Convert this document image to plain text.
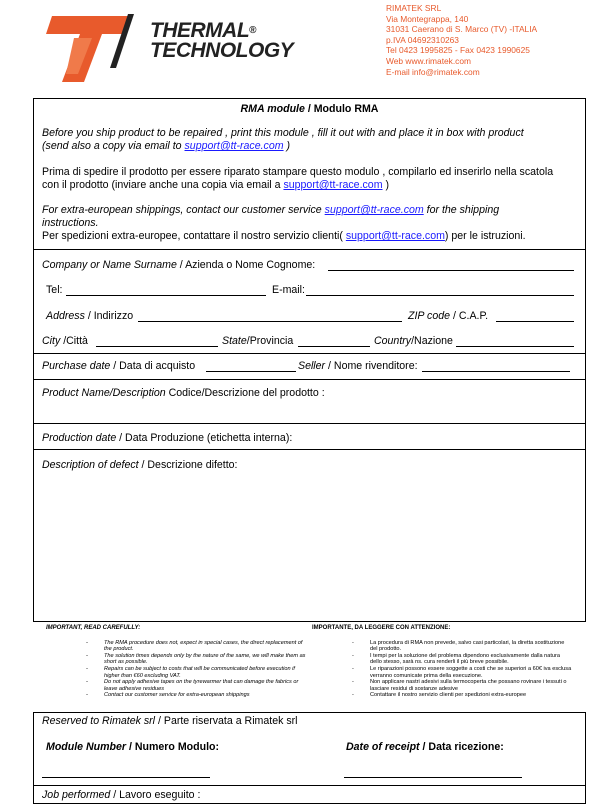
THERMAL®
TECHNOLOGY
RIMATEK SRL
Via Montegrappa, 140
31031 Caerano di S. Marco (TV) -ITALIA
p.IVA 04692310263
Tel 0423 1995825 - Fax 0423 1990625
Web www.rimatek.com
E-mail info@rimatek.com
RMA module / Modulo RMA
Before you ship product to be repaired , print this module , fill it out with and place it in box with product
(send also a copy via email to support@tt-race.com )
Prima di spedire il prodotto per essere riparato stampare questo modulo , compilarlo ed inserirlo nella scatola
con il prodotto (inviare anche una copia via email a support@tt-race.com )
For extra-european shippings, contact our customer service support@tt-race.com for the shipping
instructions.
Per spedizioni extra-europee, contattare il nostro servizio clienti( support@tt-race.com) per le istruzioni.
Company or Name Surname / Azienda o Nome Cognome:
Tel:	E-mail:
Address / Indirizzo	ZIP code / C.A.P.
City /Città	State/Provincia	Country/Nazione
Purchase date / Data di acquisto	Seller / Nome rivenditore:
Product Name/Description Codice/Descrizione del prodotto :
Production date / Data Produzione (etichetta interna):
Description of defect / Descrizione difetto:
IMPORTANT, READ CAREFULLY:
- The RMA procedure does not, expect in special cases, the direct replacement of the product.
- The solution times depends only by the nature of the same, we will make them as short as possible.
- Repairs can be subject to costs that will be communicated before execution if higher than €60 excluding VAT.
- Do not apply adhesive tapes on the tyrewarmer that can damage the fabrics or leave adhesive residues
- Contact our customer service for extra-european shippings
IMPORTANTE, DA LEGGERE CON ATTENZIONE:
- La procedura di RMA non prevede, salvo casi particolari, la diretta sostituzione del prodotto.
- I tempi per la soluzione del problema dipendono esclusivamente dalla natura dello stesso, sarà ns. cura renderli il più breve possibile.
- Le riparazioni possono essere soggette a costi che se superiori a 60€ iva esclusa verranno comunicate prima della esecuzione.
- Non applicare nastri adesivi sulla termocoperta che possano rovinare i tessuti o lasciare residui di sostanze adesive
- Contattare il nostro servizio clienti per spedizioni extra-europee
Reserved to Rimatek srl / Parte riservata a Rimatek srl
Module Number / Numero Modulo:	Date of receipt / Data ricezione:
Job performed / Lavoro eseguito :
